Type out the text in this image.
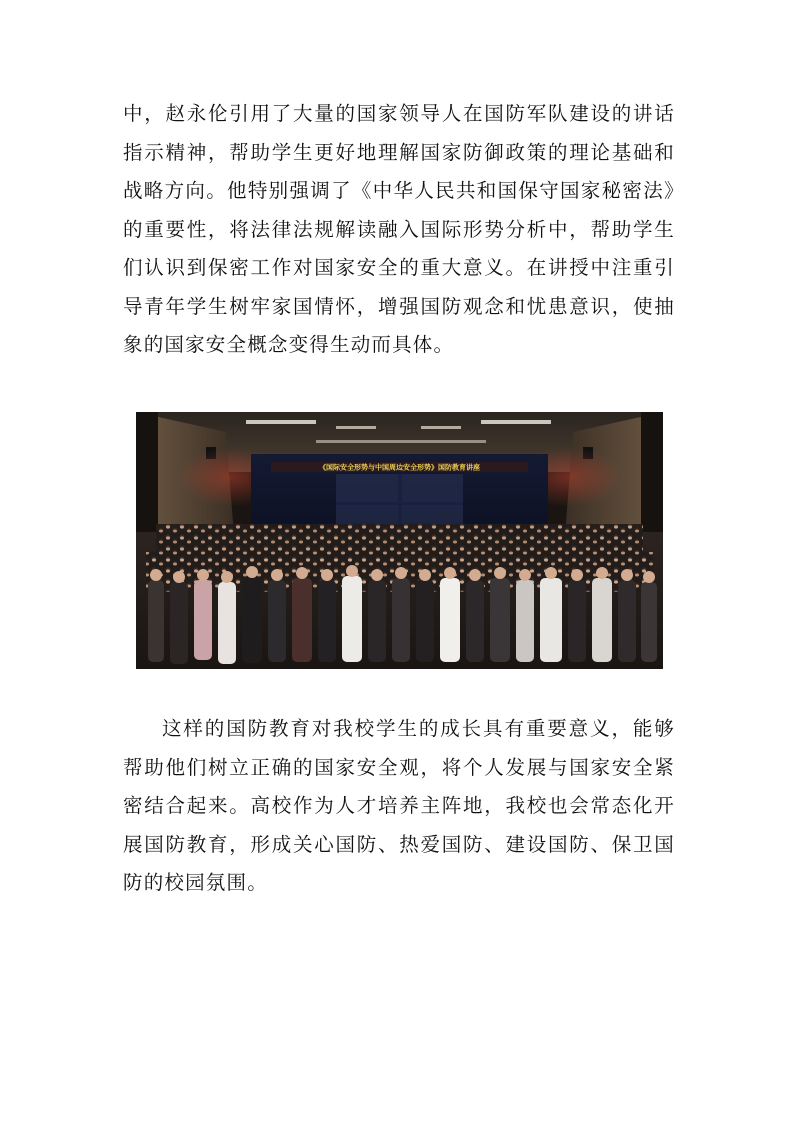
中，赵永伦引用了大量的国家领导人在国防军队建设的讲话指示精神，帮助学生更好地理解国家防御政策的理论基础和战略方向。他特别强调了《中华人民共和国保守国家秘密法》的重要性，将法律法规解读融入国际形势分析中，帮助学生们认识到保密工作对国家安全的重大意义。在讲授中注重引导青年学生树牢家国情怀，增强国防观念和忧患意识，使抽象的国家安全概念变得生动而具体。

《国际安全形势与中国周边安全形势》国防教育讲座

这样的国防教育对我校学生的成长具有重要意义，能够帮助他们树立正确的国家安全观，将个人发展与国家安全紧密结合起来。高校作为人才培养主阵地，我校也会常态化开展国防教育，形成关心国防、热爱国防、建设国防、保卫国防的校园氛围。
